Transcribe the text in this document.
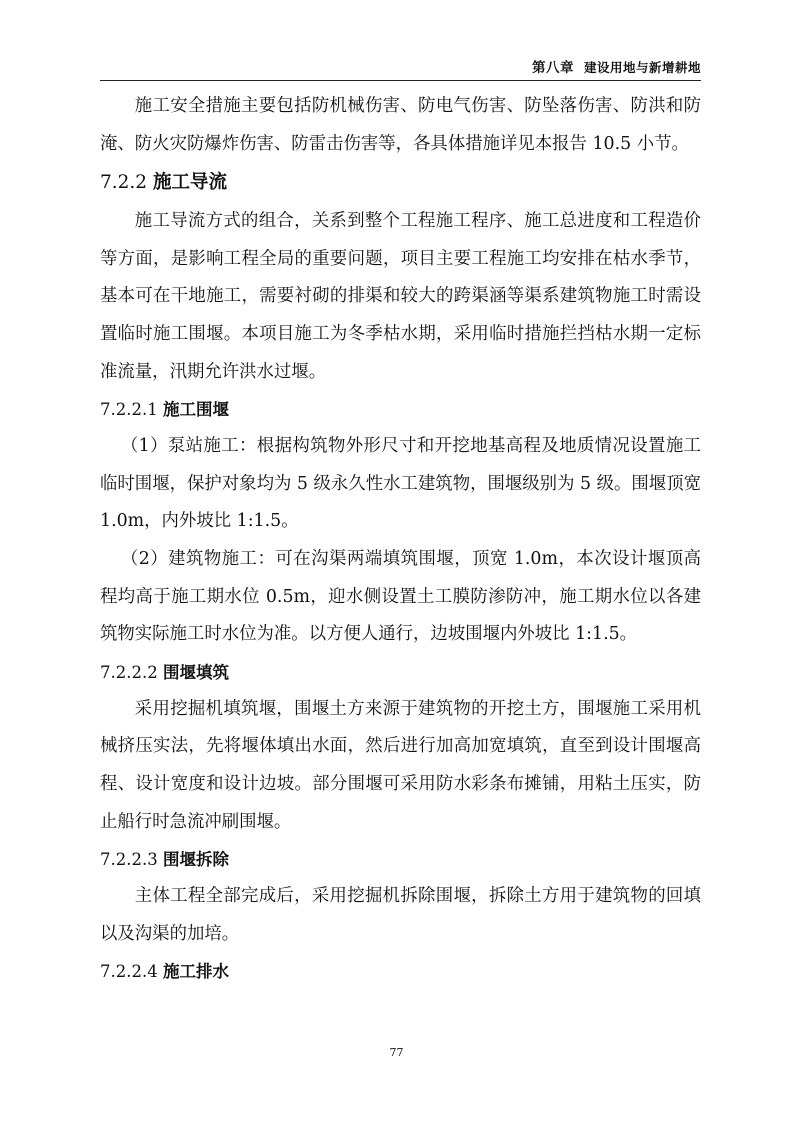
第八章 建设用地与新增耕地

施工安全措施主要包括防机械伤害、防电气伤害、防坠落伤害、防洪和防淹、防火灾防爆炸伤害、防雷击伤害等，各具体措施详见本报告 10.5 小节。

7.2.2 施工导流

施工导流方式的组合，关系到整个工程施工程序、施工总进度和工程造价等方面，是影响工程全局的重要问题，项目主要工程施工均安排在枯水季节，基本可在干地施工，需要衬砌的排渠和较大的跨渠涵等渠系建筑物施工时需设置临时施工围堰。本项目施工为冬季枯水期，采用临时措施拦挡枯水期一定标准流量，汛期允许洪水过堰。

7.2.2.1 施工围堰

（1）泵站施工：根据构筑物外形尺寸和开挖地基高程及地质情况设置施工临时围堰，保护对象均为 5 级永久性水工建筑物，围堰级别为 5 级。围堰顶宽 1.0m，内外坡比 1:1.5。

（2）建筑物施工：可在沟渠两端填筑围堰，顶宽 1.0m，本次设计堰顶高程均高于施工期水位 0.5m，迎水侧设置土工膜防渗防冲，施工期水位以各建筑物实际施工时水位为准。以方便人通行，边坡围堰内外坡比 1:1.5。

7.2.2.2 围堰填筑

采用挖掘机填筑堰，围堰土方来源于建筑物的开挖土方，围堰施工采用机械挤压实法，先将堰体填出水面，然后进行加高加宽填筑，直至到设计围堰高程、设计宽度和设计边坡。部分围堰可采用防水彩条布摊铺，用粘土压实，防止船行时急流冲刷围堰。

7.2.2.3 围堰拆除

主体工程全部完成后，采用挖掘机拆除围堰，拆除土方用于建筑物的回填以及沟渠的加培。

7.2.2.4 施工排水
77
